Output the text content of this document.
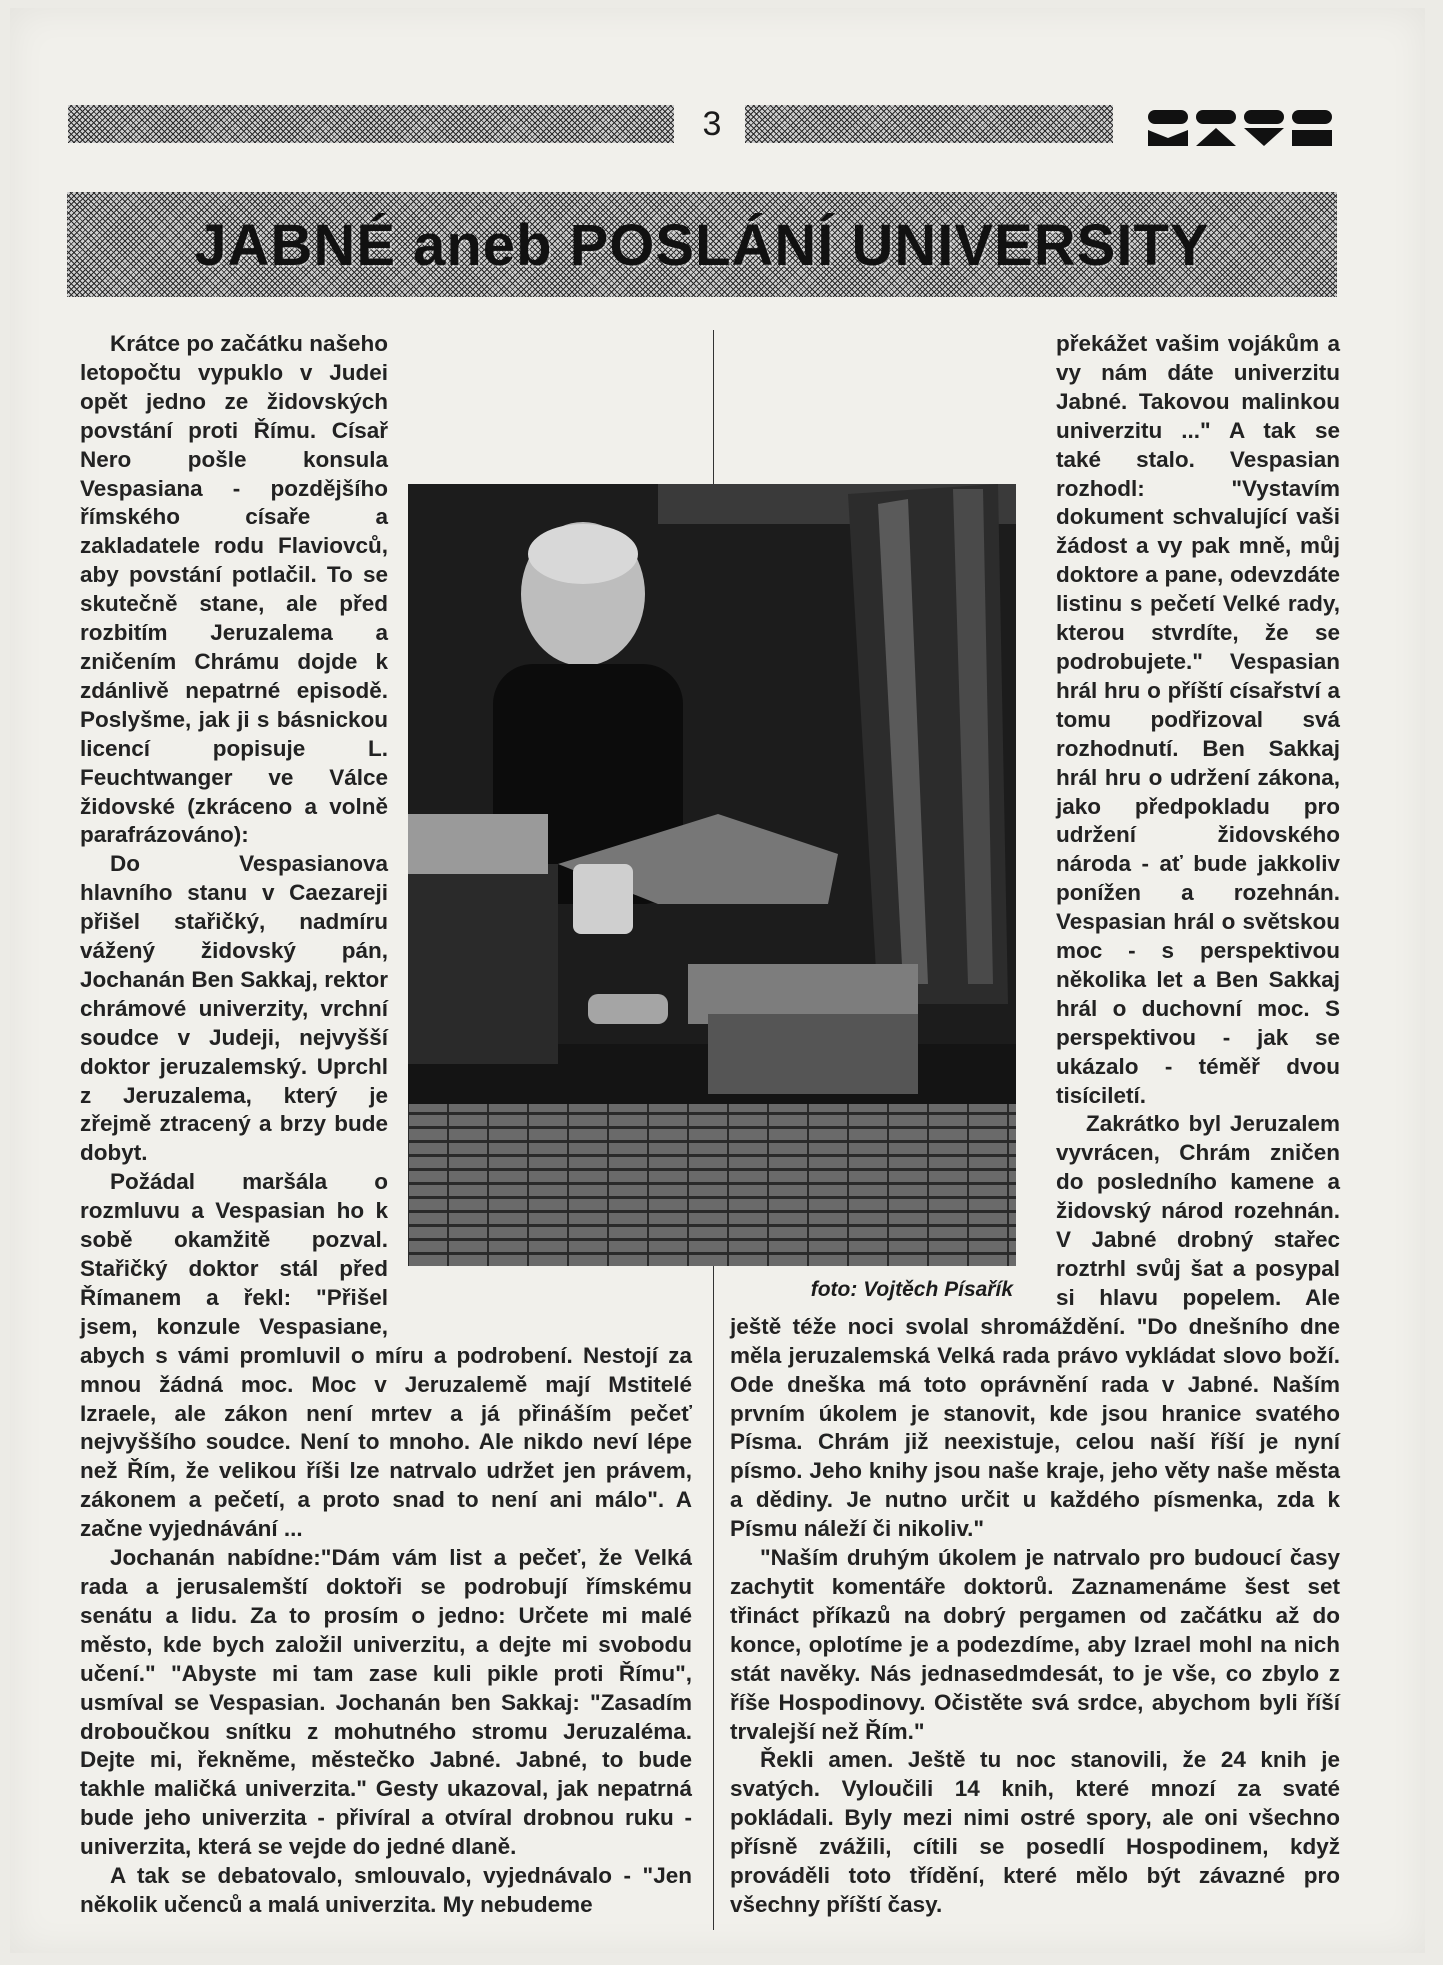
3
JABNÉ aneb POSLÁNÍ UNIVERSITY

Krátce po začátku našeho letopočtu vypuklo v Judei opět jedno ze židovských povstání proti Římu. Císař Nero pošle konsula Vespasiana - pozdějšího římského císaře a zakladatele rodu Flaviovců, aby povstání potlačil. To se skutečně stane, ale před rozbitím Jeruzalema a zničením Chrámu dojde k zdánlivě nepatrné episodě. Poslyšme, jak ji s básnickou licencí popisuje L. Feuchtwanger ve Válce židovské (zkráceno a volně parafrázováno):

Do Vespasianova hlavního stanu v Caezareji přišel stařičký, nadmíru vážený židovský pán, Jochanán Ben Sakkaj, rektor chrámové univerzity, vrchní soudce v Judeji, nejvyšší doktor jeruzalemský. Uprchl z Jeruzalema, který je zřejmě ztracený a brzy bude dobyt.

Požádal maršála o rozmluvu a Vespasian ho k sobě okamžitě pozval. Stařičký doktor stál před Římanem a řekl: "Přišel jsem, konzule Vespasiane, abych s vámi promluvil o míru a podrobení. Nestojí za mnou žádná moc. Moc v Jeruzalemě mají Mstitelé Izraele, ale zákon není mrtev a já přináším pečeť nejvyššího soudce. Není to mnoho. Ale nikdo neví lépe než Řím, že velikou říši lze natrvalo udržet jen právem, zákonem a pečetí, a proto snad to není ani málo". A začne vyjednávání ...

Jochanán nabídne:"Dám vám list a pečeť, že Velká rada a jerusalemští doktoři se podrobují římskému senátu a lidu. Za to prosím o jedno: Určete mi malé město, kde bych založil univerzitu, a dejte mi svobodu učení." "Abyste mi tam zase kuli pikle proti Římu", usmíval se Vespasian. Jochanán ben Sakkaj: "Zasadím droboučkou snítku z mohutného stromu Jeruzaléma. Dejte mi, řekněme, městečko Jabné. Jabné, to bude takhle maličká univerzita." Gesty ukazoval, jak nepatrná bude jeho univerzita - přivíral a otvíral drobnou ruku - univerzita, která se vejde do jedné dlaně.

A tak se debatovalo, smlouvalo, vyjednávalo - "Jen několik učenců a malá univerzita. My nebudeme

překážet vašim vojákům a vy nám dáte univerzitu Jabné. Takovou malinkou univerzitu ..." A tak se také stalo. Vespasian rozhodl: "Vystavím dokument schvalující vaši žádost a vy pak mně, můj doktore a pane, odevzdáte listinu s pečetí Velké rady, kterou stvrdíte, že se podrobujete." Vespasian hrál hru o příští císařství a tomu podřizoval svá rozhodnutí. Ben Sakkaj hrál hru o udržení zákona, jako předpokladu pro udržení židovského národa - ať bude jakkoliv ponížen a rozehnán. Vespasian hrál o světskou moc - s perspektivou několika let a Ben Sakkaj hrál o duchovní moc. S perspektivou - jak se ukázalo - téměř dvou tisíciletí.

Zakrátko byl Jeruzalem vyvrácen, Chrám zničen do posledního kamene a židovský národ rozehnán. V Jabné drobný stařec roztrhl svůj šat a posypal si hlavu popelem. Ale ještě téže noci svolal shromáždění. "Do dnešního dne měla jeruzalemská Velká rada právo vykládat slovo boží. Ode dneška má toto oprávnění rada v Jabné. Naším prvním úkolem je stanovit, kde jsou hranice svatého Písma. Chrám již neexistuje, celou naší říší je nyní písmo. Jeho knihy jsou naše kraje, jeho věty naše města a dědiny. Je nutno určit u každého písmenka, zda k Písmu náleží či nikoliv."

"Naším druhým úkolem je natrvalo pro budoucí časy zachytit komentáře doktorů. Zaznamenáme šest set třináct příkazů na dobrý pergamen od začátku až do konce, oplotíme je a podezdíme, aby Izrael mohl na nich stát navěky. Nás jednasedmdesát, to je vše, co zbylo z říše Hospodinovy. Očistěte svá srdce, abychom byli říší trvalejší než Řím."

Řekli amen. Ještě tu noc stanovili, že 24 knih je svatých. Vyloučili 14 knih, které mnozí za svaté pokládali. Byly mezi nimi ostré spory, ale oni všechno přísně zvážili, cítili se posedlí Hospodinem, když prováděli toto třídění, které mělo být závazné pro všechny příští časy.

foto: Vojtěch Písařík
